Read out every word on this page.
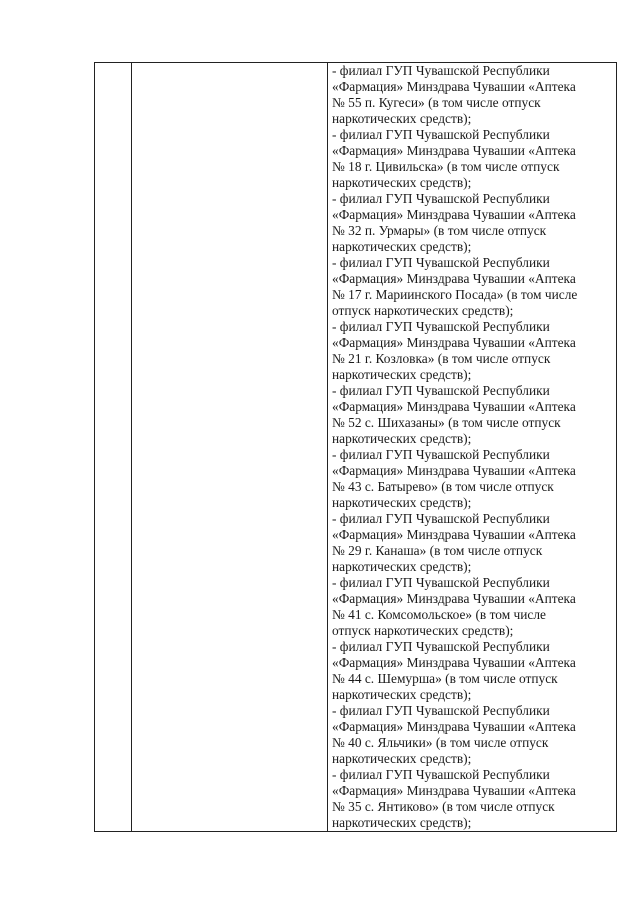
- филиал ГУП Чувашской Республики
«Фармация» Минздрава Чувашии «Аптека
№ 55 п. Кугеси» (в том числе отпуск
наркотических средств);
- филиал ГУП Чувашской Республики
«Фармация» Минздрава Чувашии «Аптека
№ 18 г. Цивильска» (в том числе отпуск
наркотических средств);
- филиал ГУП Чувашской Республики
«Фармация» Минздрава Чувашии «Аптека
№ 32 п. Урмары» (в том числе отпуск
наркотических средств);
- филиал ГУП Чувашской Республики
«Фармация» Минздрава Чувашии «Аптека
№ 17 г. Мариинского Посада» (в том числе
отпуск наркотических средств);
- филиал ГУП Чувашской Республики
«Фармация» Минздрава Чувашии «Аптека
№ 21 г. Козловка» (в том числе отпуск
наркотических средств);
- филиал ГУП Чувашской Республики
«Фармация» Минздрава Чувашии «Аптека
№ 52 с. Шихазаны» (в том числе отпуск
наркотических средств);
- филиал ГУП Чувашской Республики
«Фармация» Минздрава Чувашии «Аптека
№ 43 с. Батырево» (в том числе отпуск
наркотических средств);
- филиал ГУП Чувашской Республики
«Фармация» Минздрава Чувашии «Аптека
№ 29 г. Канаша» (в том числе отпуск
наркотических средств);
- филиал ГУП Чувашской Республики
«Фармация» Минздрава Чувашии «Аптека
№ 41 с. Комсомольское» (в том числе
отпуск наркотических средств);
- филиал ГУП Чувашской Республики
«Фармация» Минздрава Чувашии «Аптека
№ 44 с. Шемурша» (в том числе отпуск
наркотических средств);
- филиал ГУП Чувашской Республики
«Фармация» Минздрава Чувашии «Аптека
№ 40 с. Яльчики» (в том числе отпуск
наркотических средств);
- филиал ГУП Чувашской Республики
«Фармация» Минздрава Чувашии «Аптека
№ 35 с. Янтиково» (в том числе отпуск
наркотических средств);
